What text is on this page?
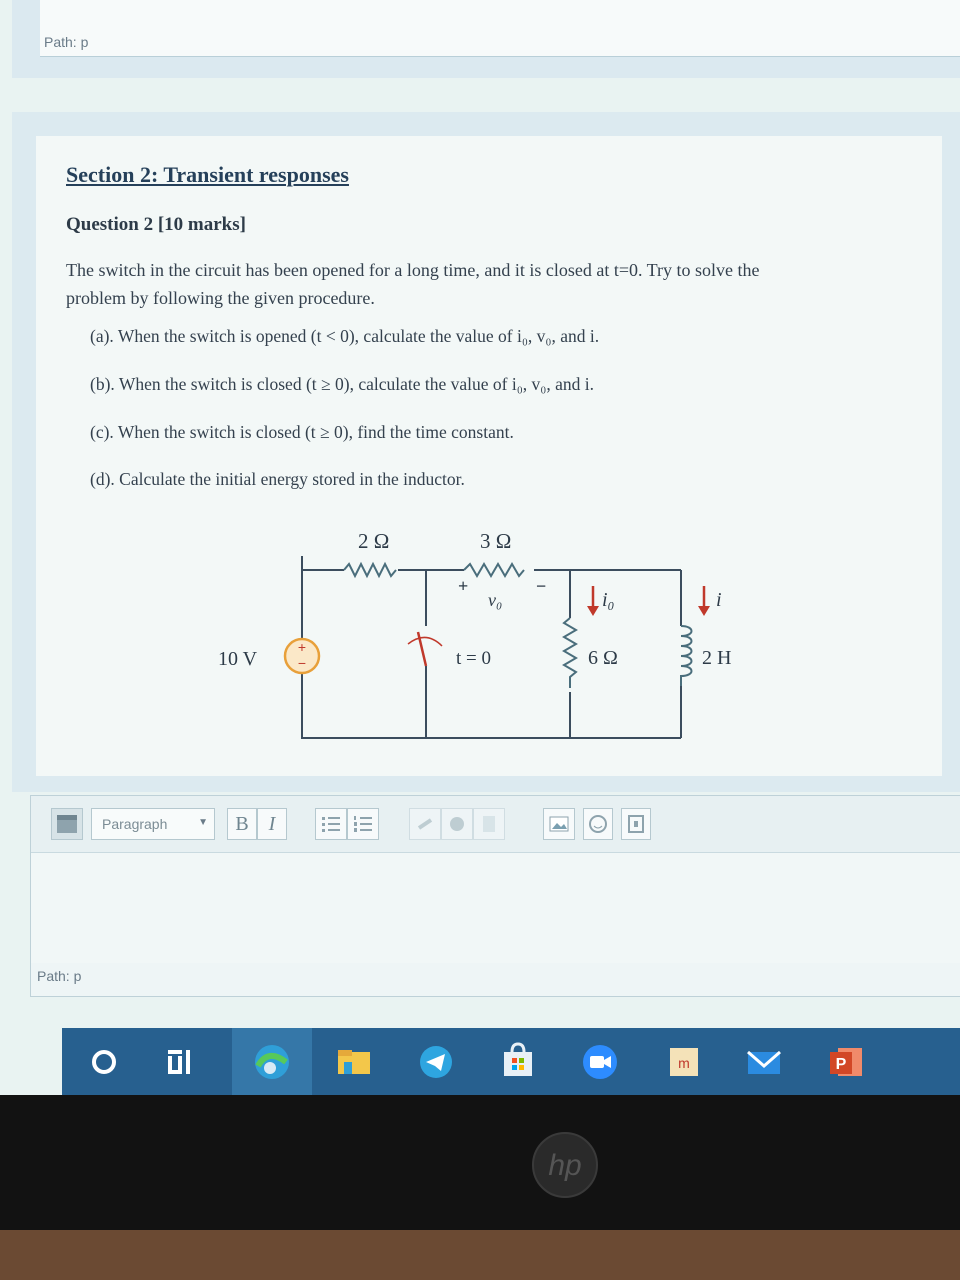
Path: p
Section 2: Transient responses
Question 2 [10 marks]
The switch in the circuit has been opened for a long time, and it is closed at t=0. Try to solve the
problem by following the given procedure.
(a). When the switch is opened (t < 0), calculate the value of i₀, v₀, and i.
(b). When the switch is closed (t ≥ 0), calculate the value of i₀, v₀, and i.
(c). When the switch is closed (t ≥ 0), find the time constant.
(d). Calculate the initial energy stored in the inductor.
+
−
2 Ω	3 Ω
10 V
+	−
v₀	i₀	i
t = 0	6 Ω	2 H
Paragraph	▼	B I
Path: p
m	P
hp
